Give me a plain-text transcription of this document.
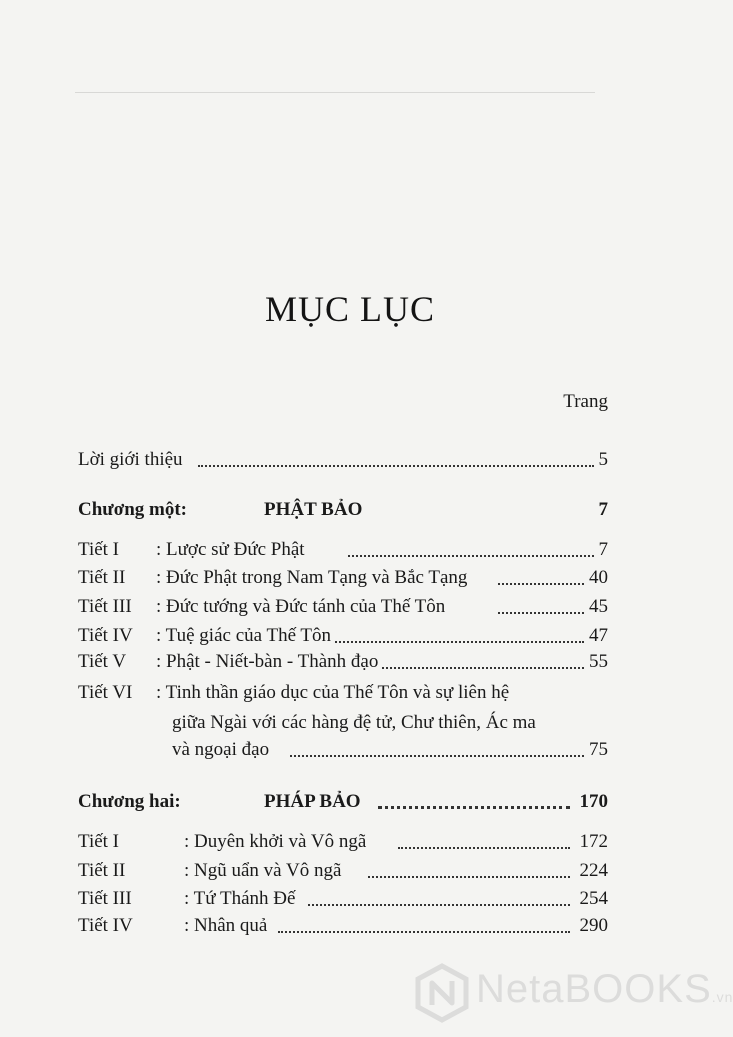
MỤC LỤC
Trang
Lời giới thiệu	5
Chương một:	PHẬT BẢO	7
Tiết I : Lược sử Đức Phật	7
Tiết II : Đức Phật trong Nam Tạng và Bắc Tạng	40
Tiết III : Đức tướng và Đức tánh của Thế Tôn	45
Tiết IV : Tuệ giác của Thế Tôn	47
Tiết V : Phật - Niết-bàn - Thành đạo	55
Tiết VI : Tinh thần giáo dục của Thế Tôn và sự liên hệ
giữa Ngài với các hàng đệ tử, Chư thiên, Ác ma
và ngoại đạo	75
Chương hai:	PHÁP BẢO	170
Tiết I	: Duyên khởi và Vô ngã	172
Tiết II	: Ngũ uẩn và Vô ngã	224
Tiết III	: Tứ Thánh Đế	254
Tiết IV	: Nhân quả	290
NetaBOOKS.vn
